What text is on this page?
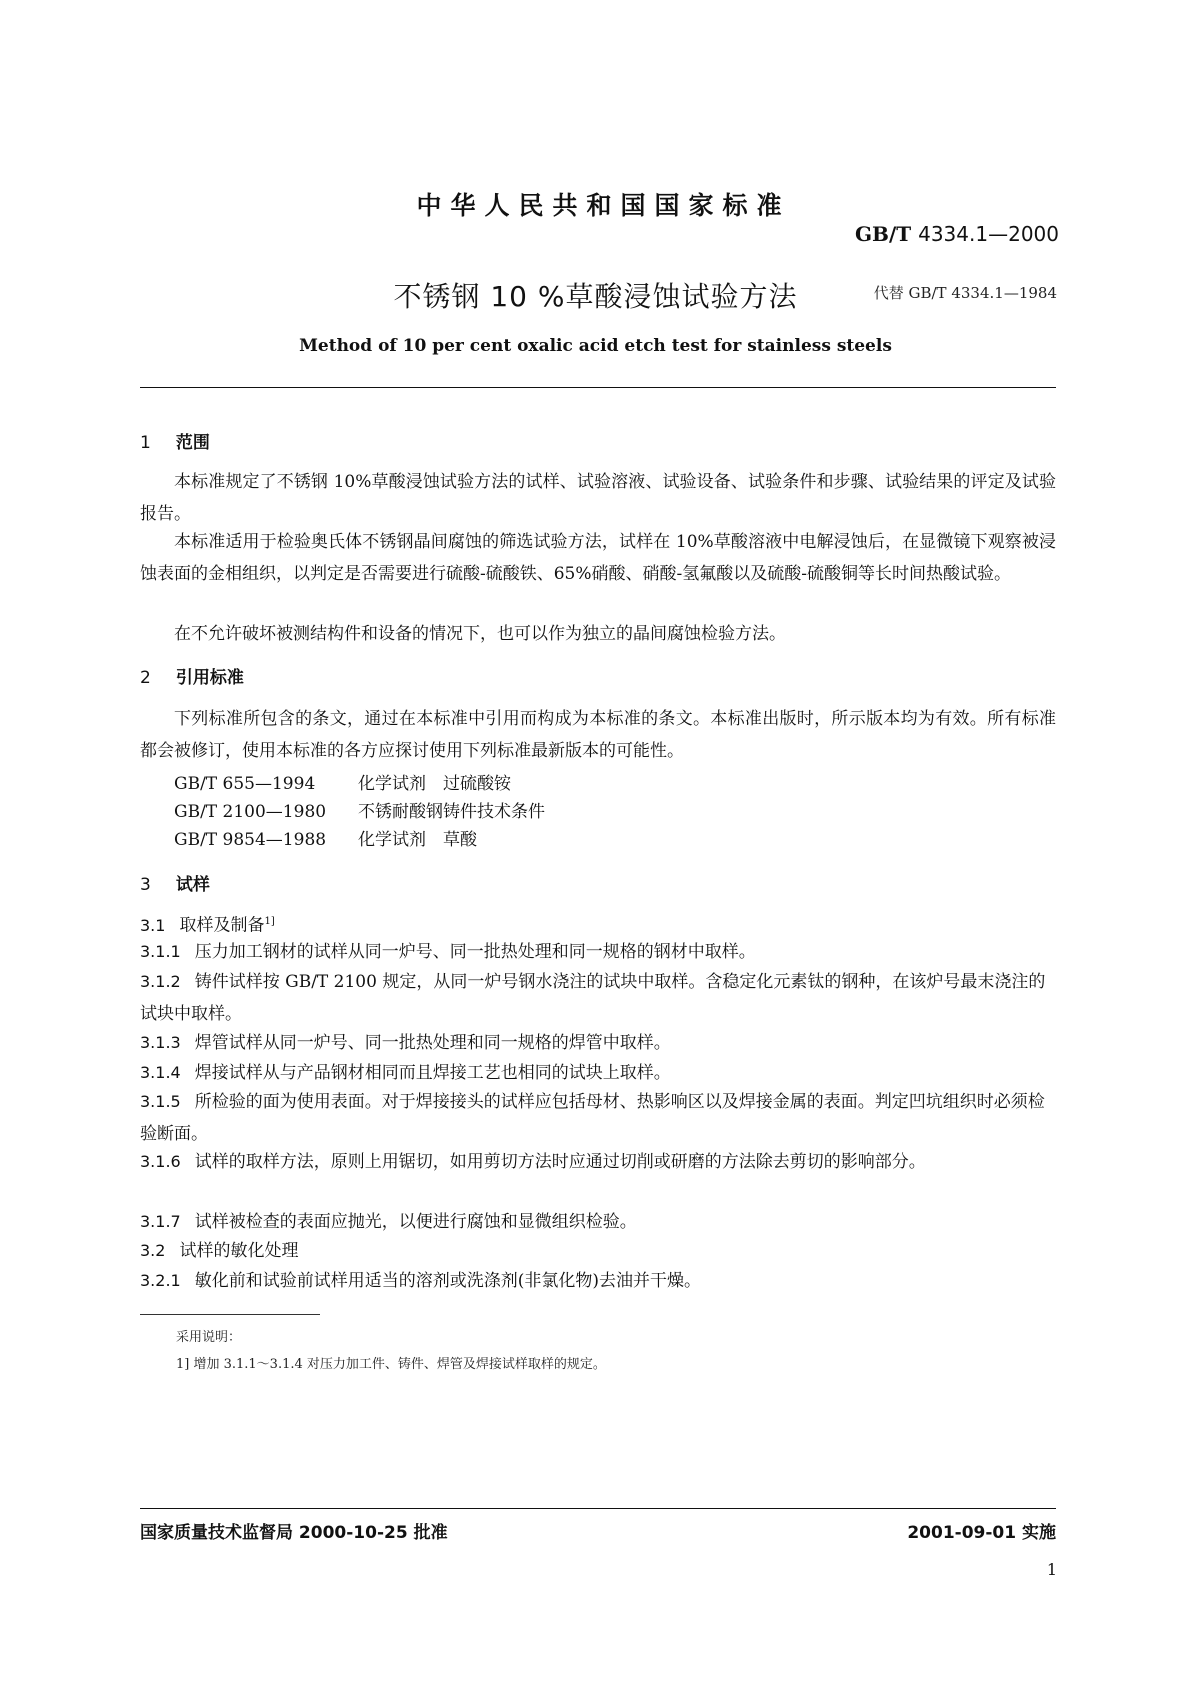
中华人民共和国国家标准
GB/T 4334.1—2000
不锈钢 10 %草酸浸蚀试验方法	代替 GB/T 4334.1—1984
Method of 10 per cent oxalic acid etch test for stainless steels
1 范围
本标准规定了不锈钢 10%草酸浸蚀试验方法的试样、试验溶液、试验设备、试验条件和步骤、试验结果的评定及试验报告。
本标准适用于检验奥氏体不锈钢晶间腐蚀的筛选试验方法，试样在 10%草酸溶液中电解浸蚀后，在显微镜下观察被浸蚀表面的金相组织，以判定是否需要进行硫酸-硫酸铁、65%硝酸、硝酸-氢氟酸以及硫酸-硫酸铜等长时间热酸试验。
在不允许破坏被测结构件和设备的情况下，也可以作为独立的晶间腐蚀检验方法。
2 引用标准
下列标准所包含的条文，通过在本标准中引用而构成为本标准的条文。本标准出版时，所示版本均为有效。所有标准都会被修订，使用本标准的各方应探讨使用下列标准最新版本的可能性。
GB/T 655—1994	化学试剂　过硫酸铵
GB/T 2100—1980 不锈耐酸钢铸件技术条件
GB/T 9854—1988 化学试剂　草酸
3 试样
3.1 取样及制备$^{1]}$
3.1.1 压力加工钢材的试样从同一炉号、同一批热处理和同一规格的钢材中取样。
3.1.2 铸件试样按 GB/T 2100 规定，从同一炉号钢水浇注的试块中取样。含稳定化元素钛的钢种，在该炉号最末浇注的试块中取样。
3.1.3 焊管试样从同一炉号、同一批热处理和同一规格的焊管中取样。
3.1.4 焊接试样从与产品钢材相同而且焊接工艺也相同的试块上取样。
3.1.5 所检验的面为使用表面。对于焊接接头的试样应包括母材、热影响区以及焊接金属的表面。判定凹坑组织时必须检验断面。
3.1.6 试样的取样方法，原则上用锯切，如用剪切方法时应通过切削或研磨的方法除去剪切的影响部分。
3.1.7 试样被检查的表面应抛光，以便进行腐蚀和显微组织检验。
3.2 试样的敏化处理
3.2.1 敏化前和试验前试样用适当的溶剂或洗涤剂(非氯化物)去油并干燥。
采用说明：
1] 增加 3.1.1～3.1.4 对压力加工件、铸件、焊管及焊接试样取样的规定。
国家质量技术监督局 2000-10-25 批准	2001-09-01 实施
1
